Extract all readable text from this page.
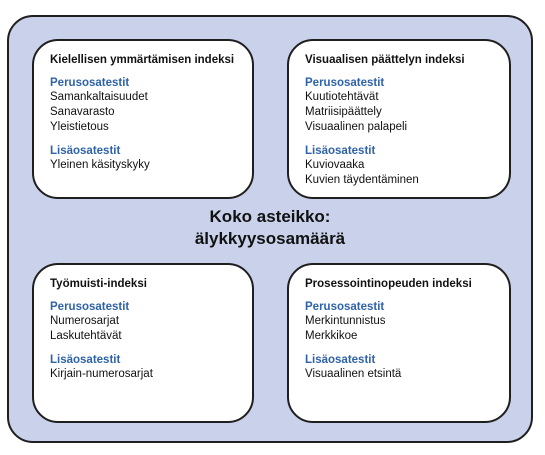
Kielellisen ymmärtämisen indeksi
Perusosatestit
Samankaltaisuudet
Sanavarasto
Yleistietous
Lisäosatestit
Yleinen käsityskyky
Visuaalisen päättelyn indeksi
Perusosatestit
Kuutiotehtävät
Matriisipäättely
Visuaalinen palapeli
Lisäosatestit
Kuviovaaka
Kuvien täydentäminen
Koko asteikko:
älykkyysosamäärä
Työmuisti-indeksi
Perusosatestit
Numerosarjat
Laskutehtävät
Lisäosatestit
Kirjain-numerosarjat
Prosessointinopeuden indeksi
Perusosatestit
Merkintunnistus
Merkkikoe
Lisäosatestit
Visuaalinen etsintä
